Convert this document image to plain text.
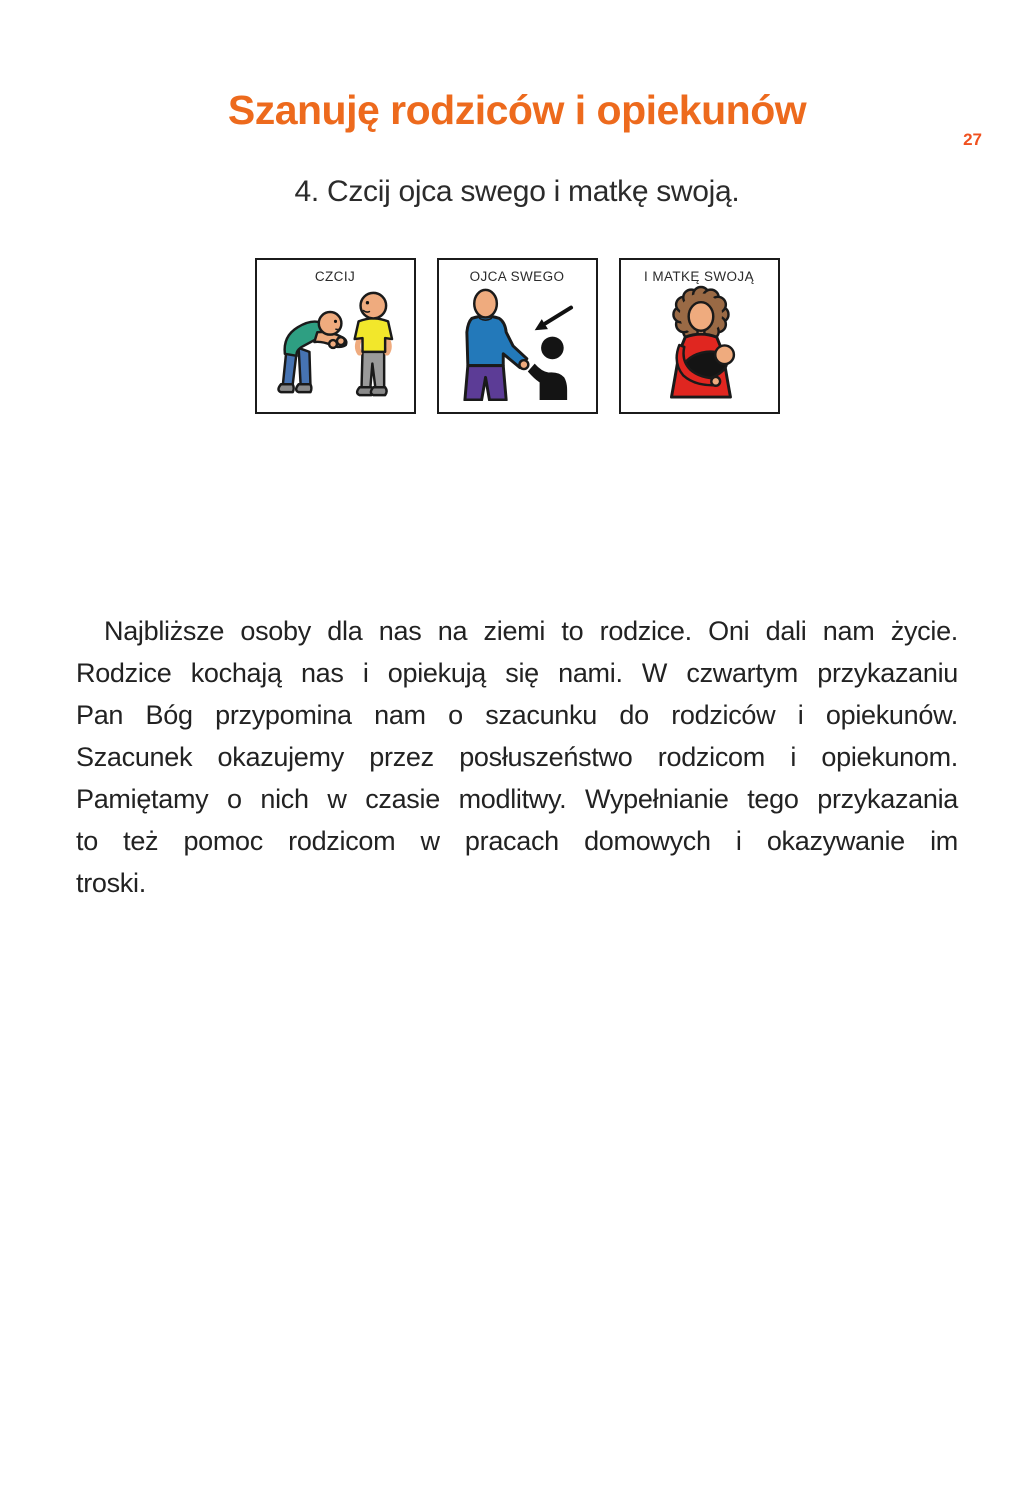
27
Szanuję rodziców i opiekunów
4. Czcij ojca swego i matkę swoją.
CZCIJ	OJCA SWEGO	I MATKĘ SWOJĄ
Najbliższe osoby dla nas na ziemi to rodzice. Oni dali nam życie.
Rodzice kochają nas i opiekują się nami. W czwartym przykazaniu
Pan Bóg przypomina nam o szacunku do rodziców i opiekunów.
Szacunek okazujemy przez posłuszeństwo rodzicom i opiekunom.
Pamiętamy o nich w czasie modlitwy. Wypełnianie tego przykazania
to też pomoc rodzicom w pracach domowych i okazywanie im
troski.
